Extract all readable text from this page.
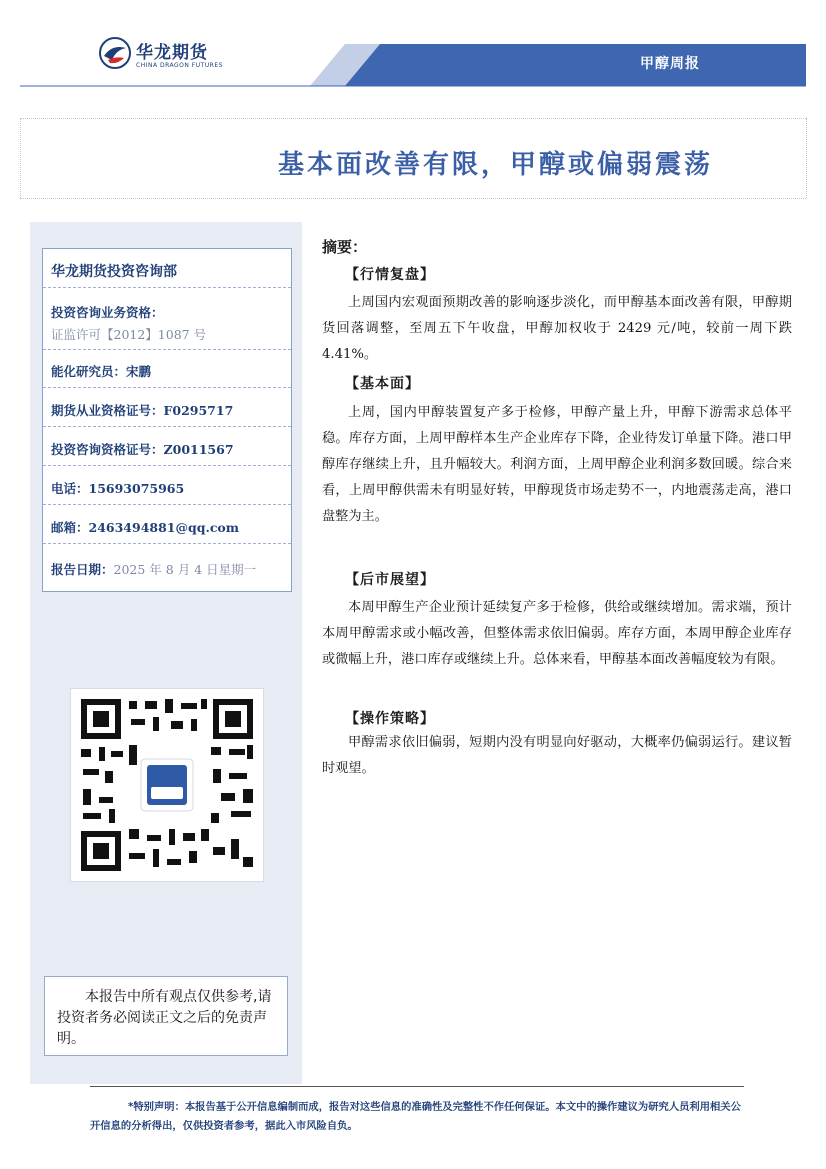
华龙期货
CHINA DRAGON FUTURES	甲醇周报
基本面改善有限，甲醇或偏弱震荡
华龙期货投资咨询部
投资咨询业务资格：
证监许可【2012】1087 号
能化研究员：宋鹏
期货从业资格证号：F0295717
投资咨询资格证号：Z0011567
电话：15693075965
邮箱：2463494881@qq.com
报告日期：2025 年 8 月 4 日星期一
本报告中所有观点仅供参考,请投资者务必阅读正文之后的免责声明。
摘要：
【行情复盘】
上周国内宏观面预期改善的影响逐步淡化，而甲醇基本面改善有限，甲醇期货回落调整，至周五下午收盘，甲醇加权收于 2429 元/吨，较前一周下跌 4.41%。
【基本面】
上周，国内甲醇装置复产多于检修，甲醇产量上升，甲醇下游需求总体平稳。库存方面，上周甲醇样本生产企业库存下降，企业待发订单量下降。港口甲醇库存继续上升，且升幅较大。利润方面，上周甲醇企业利润多数回暖。综合来看，上周甲醇供需未有明显好转，甲醇现货市场走势不一，内地震荡走高，港口盘整为主。
【后市展望】
本周甲醇生产企业预计延续复产多于检修，供给或继续增加。需求端，预计本周甲醇需求或小幅改善，但整体需求依旧偏弱。库存方面，本周甲醇企业库存或微幅上升，港口库存或继续上升。总体来看，甲醇基本面改善幅度较为有限。
【操作策略】
甲醇需求依旧偏弱，短期内没有明显向好驱动，大概率仍偏弱运行。建议暂时观望。
*特别声明：本报告基于公开信息编制而成，报告对这些信息的准确性及完整性不作任何保证。本文中的操作建议为研究人员利用相关公开信息的分析得出，仅供投资者参考，据此入市风险自负。
